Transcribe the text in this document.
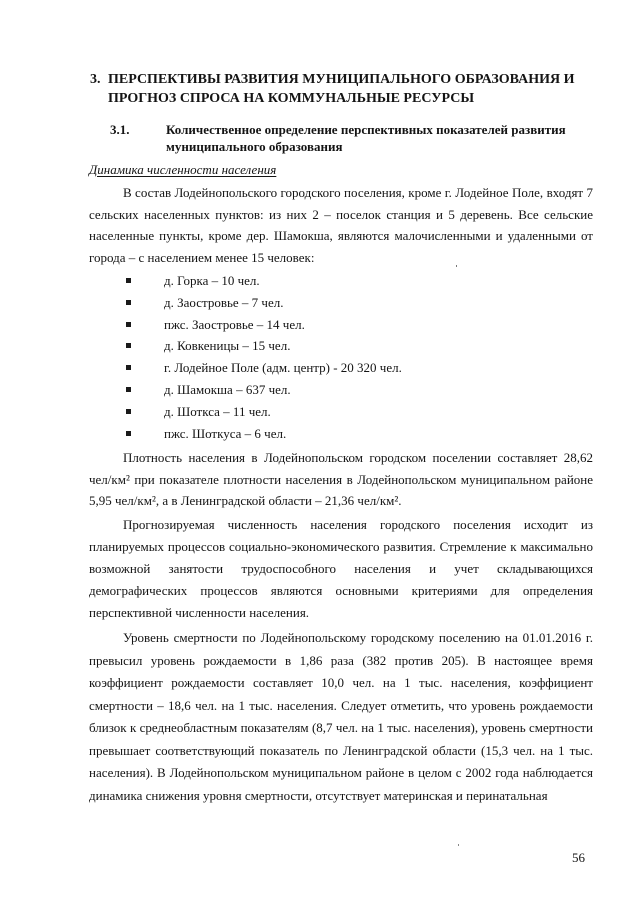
3. ПЕРСПЕКТИВЫ РАЗВИТИЯ МУНИЦИПАЛЬНОГО ОБРАЗОВАНИЯ И ПРОГНОЗ СПРОСА НА КОММУНАЛЬНЫЕ РЕСУРСЫ
3.1.	Количественное определение перспективных показателей развития муниципального образования
Динамика численности населения

В состав Лодейнопольского городского поселения, кроме г. Лодейное Поле, входят 7 сельских населенных пунктов: из них 2 – поселок станция и 5 деревень. Все сельские населенные пункты, кроме дер. Шамокша, являются малочисленными и удаленными от города – с населением менее 15 человек:

д. Горка – 10 чел.
д. Заостровье – 7 чел.
пжс. Заостровье – 14 чел.
д. Ковкеницы – 15 чел.
г. Лодейное Поле (адм. центр) - 20 320 чел.
д. Шамокша – 637 чел.
д. Шоткса – 11 чел.
пжс. Шоткуса – 6 чел.

Плотность населения в Лодейнопольском городском поселении составляет 28,62 чел/км² при показателе плотности населения в Лодейнопольском муниципальном районе 5,95 чел/км², а в Ленинградской области – 21,36 чел/км².

Прогнозируемая численность населения городского поселения исходит из планируемых процессов социально-экономического развития. Стремление к максимально возможной занятости трудоспособного населения и учет складывающихся демографических процессов являются основными критериями для определения перспективной численности населения.

Уровень смертности по Лодейнопольскому городскому поселению на 01.01.2016 г. превысил уровень рождаемости в 1,86 раза (382 против 205). В настоящее время коэффициент рождаемости составляет 10,0 чел. на 1 тыс. населения, коэффициент смертности – 18,6 чел. на 1 тыс. населения. Следует отметить, что уровень рождаемости близок к среднеобластным показателям (8,7 чел. на 1 тыс. населения), уровень смертности превышает соответствующий показатель по Ленинградской области (15,3 чел. на 1 тыс. населения). В Лодейнопольском муниципальном районе в целом с 2002 года наблюдается динамика снижения уровня смертности, отсутствует материнская и перинатальная

56
